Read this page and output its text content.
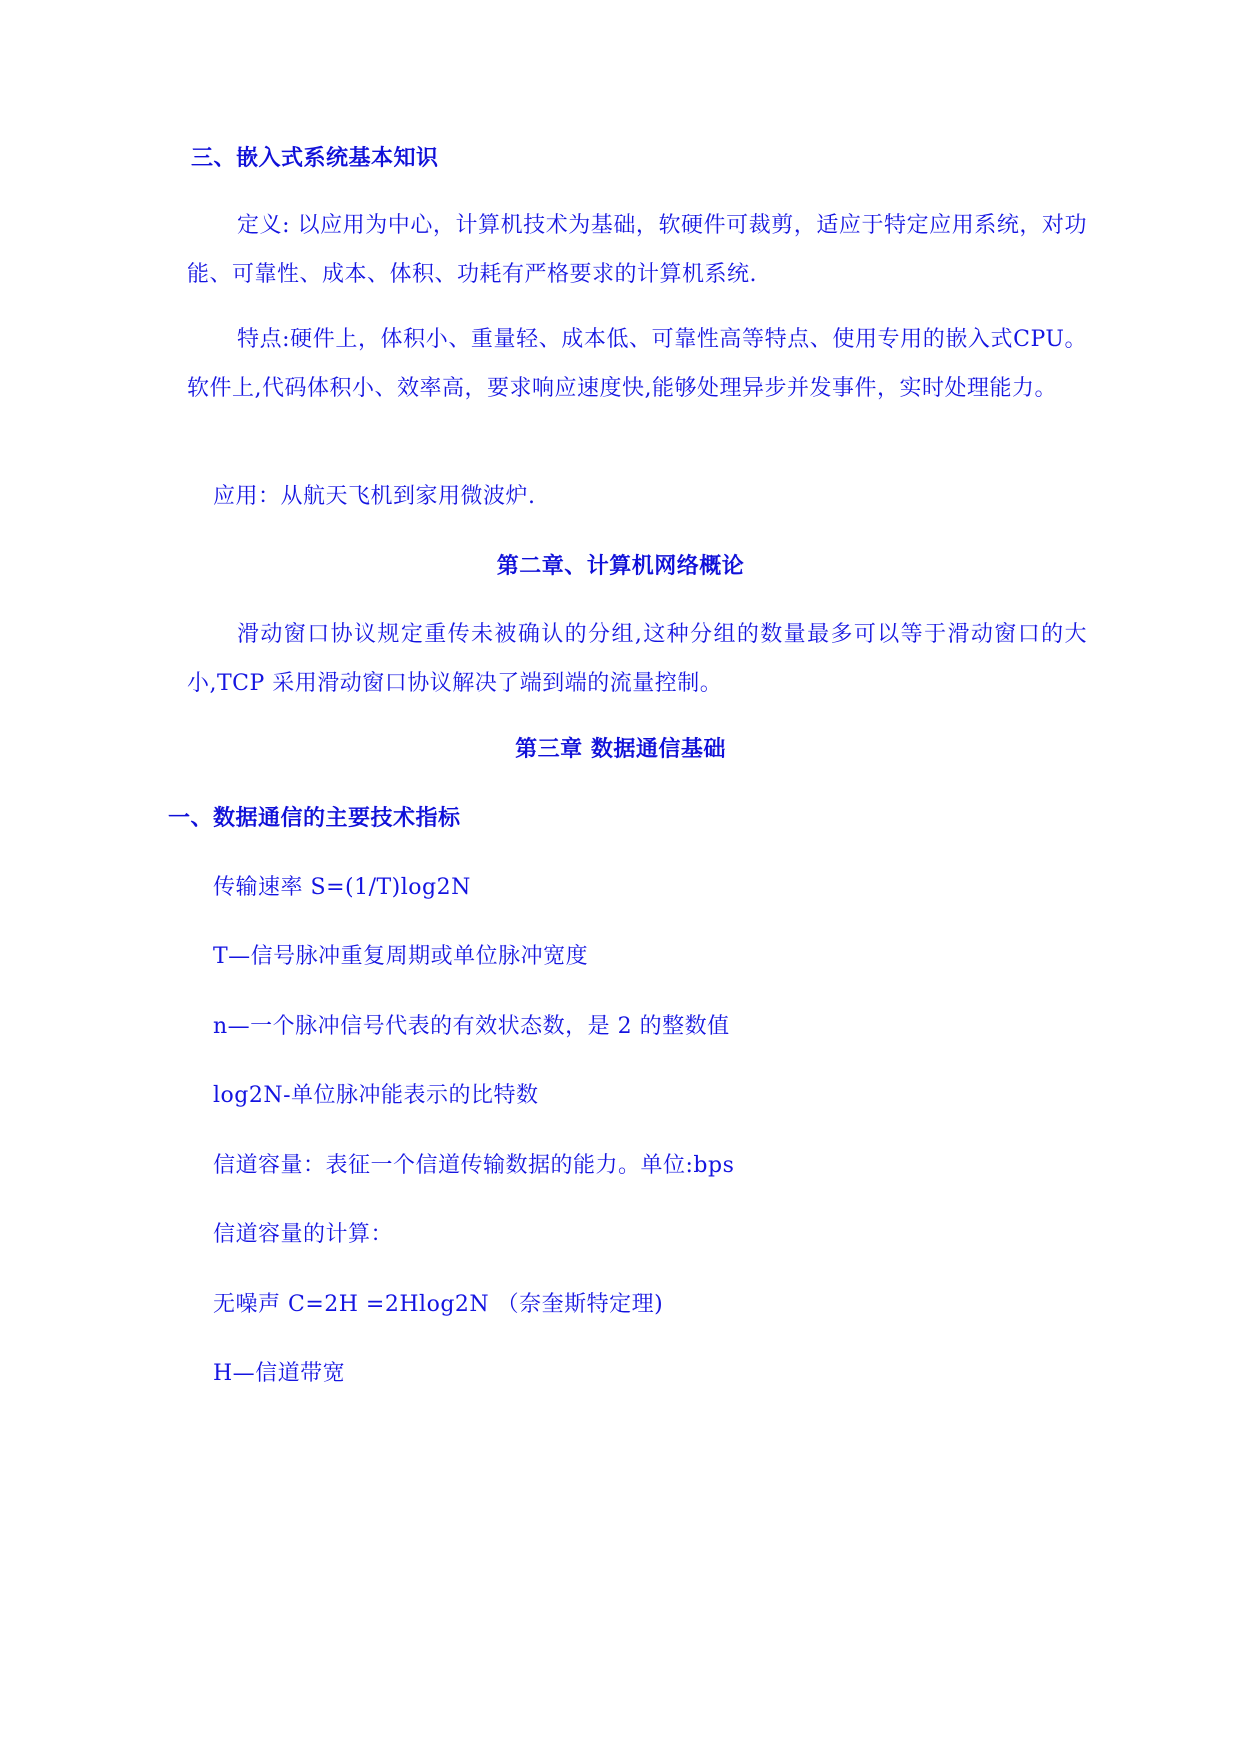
三、嵌入式系统基本知识
定义: 以应用为中心，计算机技术为基础，软硬件可裁剪，适应于特定应用系统，对功能、可靠性、成本、体积、功耗有严格要求的计算机系统.
特点:硬件上，体积小、重量轻、成本低、可靠性高等特点、使用专用的嵌入式CPU。软件上,代码体积小、效率高，要求响应速度快,能够处理异步并发事件，实时处理能力。
应用：从航天飞机到家用微波炉.
第二章、计算机网络概论
滑动窗口协议规定重传未被确认的分组,这种分组的数量最多可以等于滑动窗口的大小,TCP 采用滑动窗口协议解决了端到端的流量控制。
第三章 数据通信基础
一、数据通信的主要技术指标
传输速率 S=(1/T)log2N
T—信号脉冲重复周期或单位脉冲宽度
n—一个脉冲信号代表的有效状态数，是 2 的整数值
log2N-单位脉冲能表示的比特数
信道容量：表征一个信道传输数据的能力。单位:bps
信道容量的计算：
无噪声 C=2H =2Hlog2N （奈奎斯特定理)
H—信道带宽
